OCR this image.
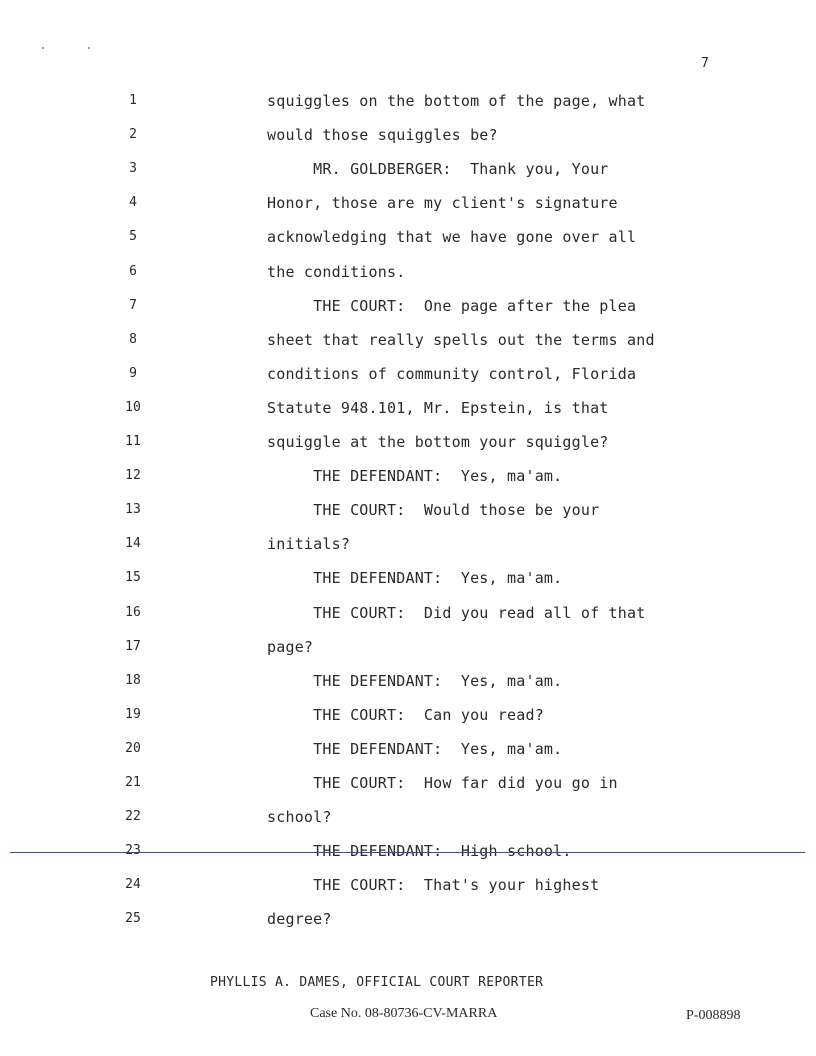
7
1	squiggles on the bottom of the page, what
2	would those squiggles be?
3	MR. GOLDBERGER:  Thank you, Your
4	Honor, those are my client's signature
5	acknowledging that we have gone over all
6	the conditions.
7	THE COURT:  One page after the plea
8	sheet that really spells out the terms and
9	conditions of community control, Florida
10	Statute 948.101, Mr. Epstein, is that
11	squiggle at the bottom your squiggle?
12	THE DEFENDANT:  Yes, ma'am.
13	THE COURT:  Would those be your
14	initials?
15	THE DEFENDANT:  Yes, ma'am.
16	THE COURT:  Did you read all of that
17	page?
18	THE DEFENDANT:  Yes, ma'am.
19	THE COURT:  Can you read?
20	THE DEFENDANT:  Yes, ma'am.
21	THE COURT:  How far did you go in
22	school?
23	THE DEFENDANT:  High school.
24	THE COURT:  That's your highest
25	degree?
PHYLLIS A. DAMES, OFFICIAL COURT REPORTER
Case No. 08-80736-CV-MARRA	P-008898
